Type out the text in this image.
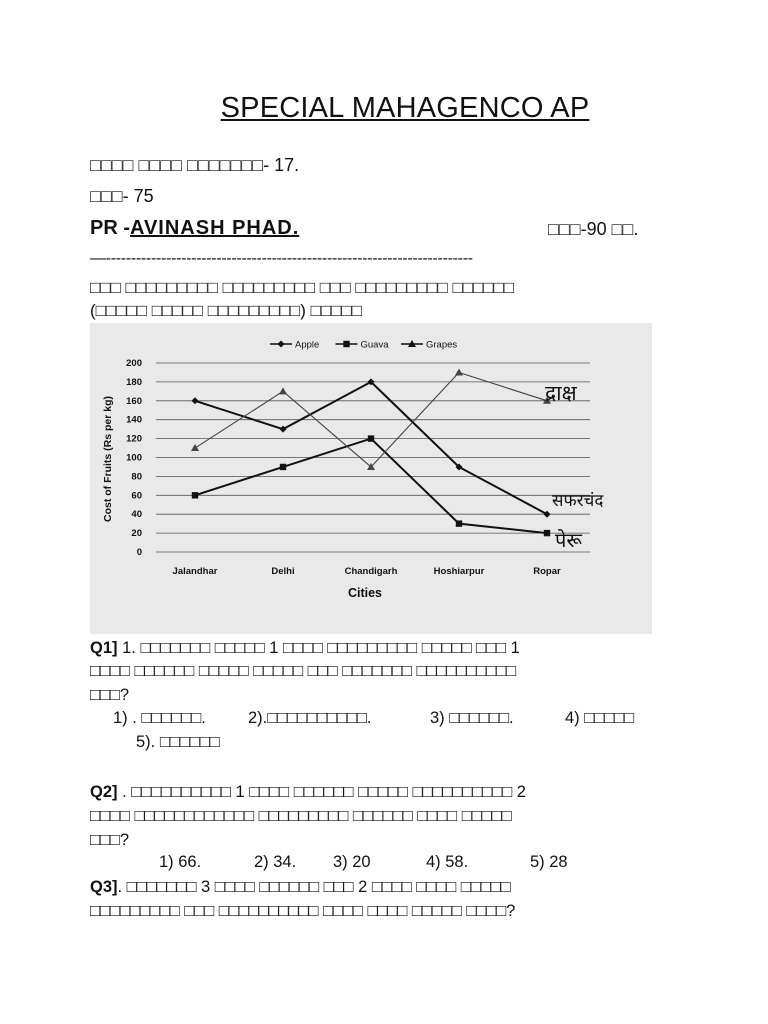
SPECIAL MAHAGENCO AP
□□□□ □□□□ □□□□□□□- 17.
□□□- 75
PR -AVINASH PHAD.	□□□-90 □□.
—-------------------------------------------------------------------------
□□□ □□□□□□□□□ □□□□□□□□□ □□□ □□□□□□□□□ □□□□□□
(□□□□□ □□□□□ □□□□□□□□□) □□□□□
0
20
40
60
80
100
120
140
160
180
200
Jalandhar	Delhi	Chandigarh	Hoshiarpur	Ropar
Cities
Cost of Fruits (Rs per kg)
Apple	Guava	Grapes
द्राक्ष
सफरचंद
पेरू
Q1] 1. □□□□□□□ □□□□□ 1 □□□□ □□□□□□□□□ □□□□□ □□□ 1
□□□□ □□□□□□ □□□□□ □□□□□ □□□ □□□□□□□ □□□□□□□□□□
□□□?
1) . □□□□□□.	2).□□□□□□□□□□.	3) □□□□□□.	4) □□□□□
5). □□□□□□
Q2] . □□□□□□□□□□ 1 □□□□ □□□□□□ □□□□□ □□□□□□□□□□ 2
□□□□ □□□□□□□□□□□□ □□□□□□□□□ □□□□□□ □□□□ □□□□□
□□□?
1) 66.	2) 34. 3) 20	4) 58.	5) 28
Q3]. □□□□□□□ 3 □□□□ □□□□□□ □□□ 2 □□□□ □□□□ □□□□□
□□□□□□□□□ □□□ □□□□□□□□□□ □□□□ □□□□ □□□□□ □□□□?
